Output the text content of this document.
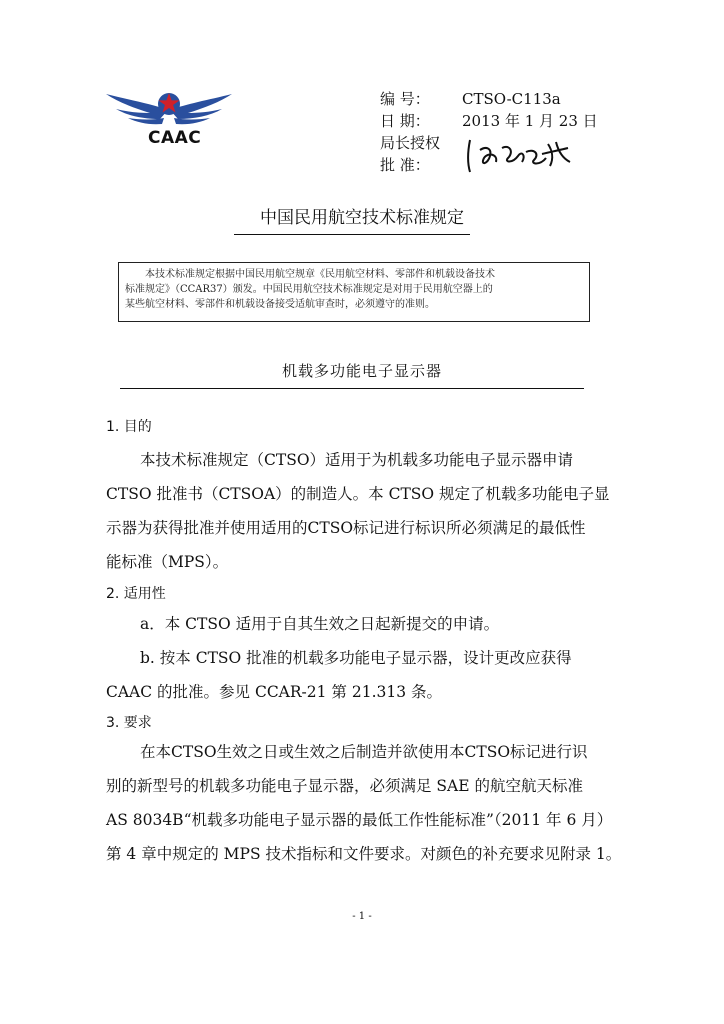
CAAC
编 号：	CTSO-C113a
日 期：	2013 年 1 月 23 日
局长授权
批 准：
中国民用航空技术标准规定

本技术标准规定根据中国民用航空规章《民用航空材料、零部件和机载设备技术

标准规定》（CCAR37）颁发。中国民用航空技术标准规定是对用于民用航空器上的
某些航空材料、零部件和机载设备接受适航审查时，必须遵守的准则。
机载多功能电子显示器
1. 目的
本技术标准规定（CTSO）适用于为机载多功能电子显示器申请
CTSO 批准书（CTSOA）的制造人。本 CTSO 规定了机载多功能电子显
示器为获得批准并使用适用的CTSO标记进行标识所必须满足的最低性
能标准（MPS）。
2. 适用性
a．本 CTSO 适用于自其生效之日起新提交的申请。
b. 按本 CTSO 批准的机载多功能电子显示器，设计更改应获得
CAAC 的批准。参见 CCAR-21 第 21.313 条。
3. 要求
在本CTSO生效之日或生效之后制造并欲使用本CTSO标记进行识
别的新型号的机载多功能电子显示器，必须满足 SAE 的航空航天标准
AS 8034B“机载多功能电子显示器的最低工作性能标准”（2011 年 6 月）
第 4 章中规定的 MPS 技术指标和文件要求。对颜色的补充要求见附录 1。
- 1 -
